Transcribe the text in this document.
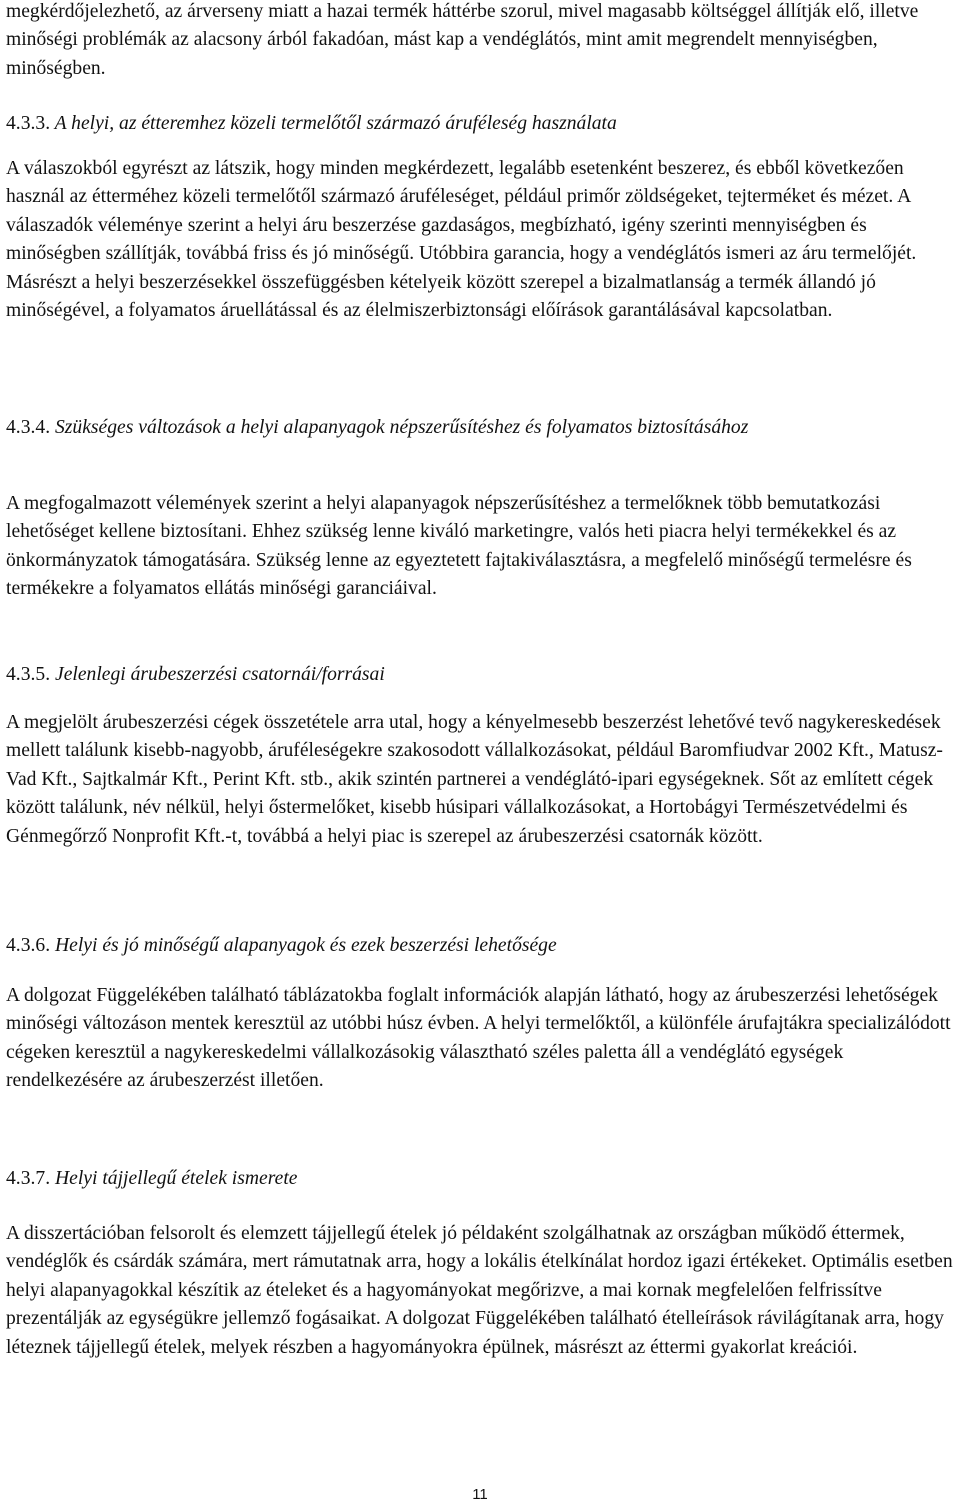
megkérdőjelezhető, az árverseny miatt a hazai termék háttérbe szorul, mivel magasabb költséggel állítják elő, illetve minőségi problémák az alacsony árból fakadóan, mást kap a vendéglátós, mint amit megrendelt mennyiségben, minőségben.

4.3.3. A helyi, az étteremhez közeli termelőtől származó áruféleség használata

A válaszokból egyrészt az látszik, hogy minden megkérdezett, legalább esetenként beszerez, és ebből következően használ az étterméhez közeli termelőtől származó áruféleséget, például primőr zöldségeket, tejterméket és mézet. A válaszadók véleménye szerint a helyi áru beszerzése gazdaságos, megbízható, igény szerinti mennyiségben és minőségben szállítják, továbbá friss és jó minőségű. Utóbbira garancia, hogy a vendéglátós ismeri az áru termelőjét. Másrészt a helyi beszerzésekkel összefüggésben kételyeik között szerepel a bizalmatlanság a termék állandó jó minőségével, a folyamatos áruellátással és az élelmiszerbiztonsági előírások garantálásával kapcsolatban.

4.3.4. Szükséges változások a helyi alapanyagok népszerűsítéshez és folyamatos biztosításához

A megfogalmazott vélemények szerint a helyi alapanyagok népszerűsítéshez a termelőknek több bemutatkozási lehetőséget kellene biztosítani. Ehhez szükség lenne kiváló marketingre, valós heti piacra helyi termékekkel és az önkormányzatok támogatására. Szükség lenne az egyeztetett fajtakiválasztásra, a megfelelő minőségű termelésre és termékekre a folyamatos ellátás minőségi garanciáival.

4.3.5. Jelenlegi árubeszerzési csatornái/forrásai

A megjelölt árubeszerzési cégek összetétele arra utal, hogy a kényelmesebb beszerzést lehetővé tevő nagykereskedések mellett találunk kisebb-nagyobb, áruféleségekre szakosodott vállalkozásokat, például Baromfiudvar 2002 Kft., Matusz-Vad Kft., Sajtkalmár Kft., Perint Kft. stb., akik szintén partnerei a vendéglátó-ipari egységeknek. Sőt az említett cégek között találunk, név nélkül, helyi őstermelőket, kisebb húsipari vállalkozásokat, a Hortobágyi Természetvédelmi és Génmegőrző Nonprofit Kft.-t, továbbá a helyi piac is szerepel az árubeszerzési csatornák között.

4.3.6. Helyi és jó minőségű alapanyagok és ezek beszerzési lehetősége

A dolgozat Függelékében található táblázatokba foglalt információk alapján látható, hogy az árubeszerzési lehetőségek minőségi változáson mentek keresztül az utóbbi húsz évben. A helyi termelőktől, a különféle árufajtákra specializálódott cégeken keresztül a nagykereskedelmi vállalkozásokig választható széles paletta áll a vendéglátó egységek rendelkezésére az árubeszerzést illetően.

4.3.7. Helyi tájjellegű ételek ismerete

A disszertációban felsorolt és elemzett tájjellegű ételek jó példaként szolgálhatnak az országban működő éttermek, vendéglők és csárdák számára, mert rámutatnak arra, hogy a lokális ételkínálat hordoz igazi értékeket. Optimális esetben helyi alapanyagokkal készítik az ételeket és a hagyományokat megőrizve, a mai kornak megfelelően felfrissítve prezentálják az egységükre jellemző fogásaikat. A dolgozat Függelékében található ételleírások rávilágítanak arra, hogy léteznek tájjellegű ételek, melyek részben a hagyományokra épülnek, másrészt az éttermi gyakorlat kreációi.

11
